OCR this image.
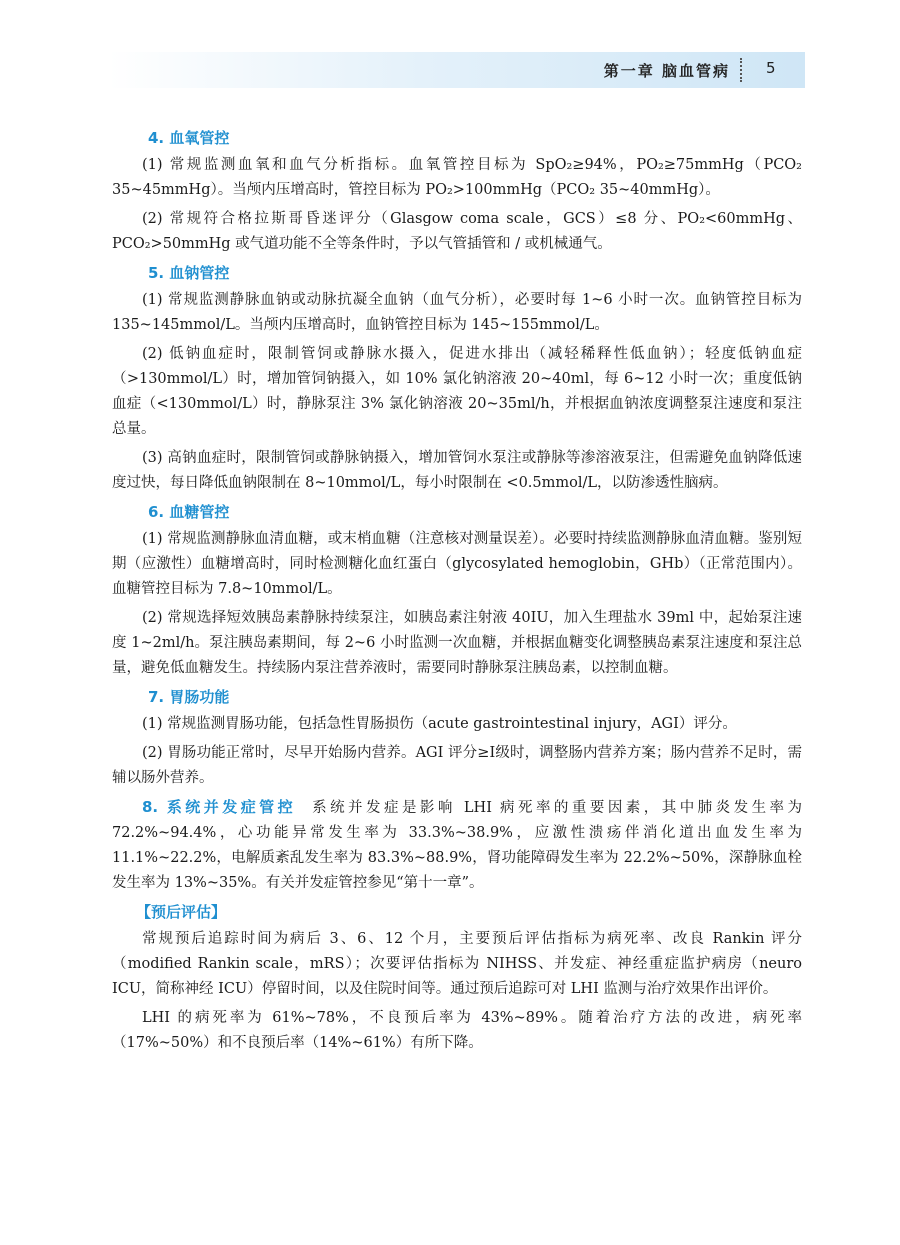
第一章 脑血管病 5
4. 血氧管控

(1) 常规监测血氧和血气分析指标。血氧管控目标为 SpO₂≥94%，PO₂≥75mmHg（PCO₂ 35~45mmHg）。当颅内压增高时，管控目标为 PO₂>100mmHg（PCO₂ 35~40mmHg）。

(2) 常规符合格拉斯哥昏迷评分（Glasgow coma scale，GCS）≤8 分、PO₂<60mmHg、PCO₂>50mmHg 或气道功能不全等条件时，予以气管插管和 / 或机械通气。

5. 血钠管控

(1) 常规监测静脉血钠或动脉抗凝全血钠（血气分析），必要时每 1~6 小时一次。血钠管控目标为 135~145mmol/L。当颅内压增高时，血钠管控目标为 145~155mmol/L。

(2) 低钠血症时，限制管饲或静脉水摄入，促进水排出（减轻稀释性低血钠）；轻度低钠血症（>130mmol/L）时，增加管饲钠摄入，如 10% 氯化钠溶液 20~40ml，每 6~12 小时一次；重度低钠血症（<130mmol/L）时，静脉泵注 3% 氯化钠溶液 20~35ml/h，并根据血钠浓度调整泵注速度和泵注总量。

(3) 高钠血症时，限制管饲或静脉钠摄入，增加管饲水泵注或静脉等渗溶液泵注，但需避免血钠降低速度过快，每日降低血钠限制在 8~10mmol/L，每小时限制在 <0.5mmol/L，以防渗透性脑病。

6. 血糖管控

(1) 常规监测静脉血清血糖，或末梢血糖（注意核对测量误差）。必要时持续监测静脉血清血糖。鉴别短期（应激性）血糖增高时，同时检测糖化血红蛋白（glycosylated hemoglobin，GHb）（正常范围内）。血糖管控目标为 7.8~10mmol/L。

(2) 常规选择短效胰岛素静脉持续泵注，如胰岛素注射液 40IU，加入生理盐水 39ml 中，起始泵注速度 1~2ml/h。泵注胰岛素期间，每 2~6 小时监测一次血糖，并根据血糖变化调整胰岛素泵注速度和泵注总量，避免低血糖发生。持续肠内泵注营养液时，需要同时静脉泵注胰岛素，以控制血糖。

7. 胃肠功能

(1) 常规监测胃肠功能，包括急性胃肠损伤（acute gastrointestinal injury，AGI）评分。

(2) 胃肠功能正常时，尽早开始肠内营养。AGI 评分≥Ⅰ级时，调整肠内营养方案；肠内营养不足时，需辅以肠外营养。

8. 系统并发症管控 系统并发症是影响 LHI 病死率的重要因素，其中肺炎发生率为 72.2%~94.4%，心功能异常发生率为 33.3%~38.9%，应激性溃疡伴消化道出血发生率为 11.1%~22.2%，电解质紊乱发生率为 83.3%~88.9%，肾功能障碍发生率为 22.2%~50%，深静脉血栓发生率为 13%~35%。有关并发症管控参见“第十一章”。

【预后评估】

常规预后追踪时间为病后 3、6、12 个月，主要预后评估指标为病死率、改良 Rankin 评分（modified Rankin scale，mRS）；次要评估指标为 NIHSS、并发症、神经重症监护病房（neuro ICU，简称神经 ICU）停留时间，以及住院时间等。通过预后追踪可对 LHI 监测与治疗效果作出评价。

LHI 的病死率为 61%~78%，不良预后率为 43%~89%。随着治疗方法的改进，病死率（17%~50%）和不良预后率（14%~61%）有所下降。
